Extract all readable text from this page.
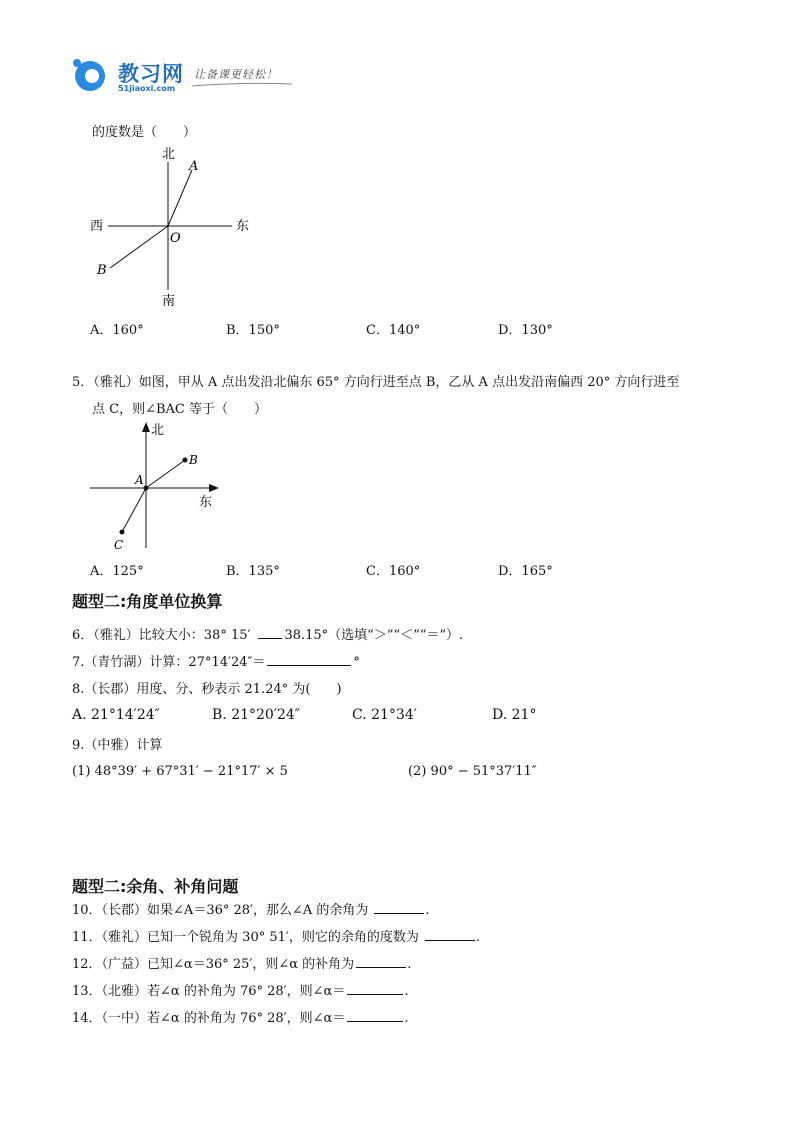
教习网
51jiaoxi.com
让备课更轻松！
的度数是（　　）
北
南
西	东
A
B
O
A．160°	B．150°	C．140°	D．130°
5．（雅礼）如图，甲从 A 点出发沿北偏东 65° 方向行进至点 B，乙从 A 点出发沿南偏西 20° 方向行进至
点 C，则∠BAC 等于（　　）
北
东
A
B
C
A．125°	B．135°	C．160°	D．165°
题型二:角度单位换算
6．（雅礼）比较大小：38° 15′	38.15°（选填“＞”“＜”“＝”）.
7.（青竹湖）计算：27°14′24″＝	°
8.（长郡）用度、分、秒表示 21.24° 为(　　)
A. 21°14′24″	B. 21°20′24″	C. 21°34′	D. 21°
9.（中雅）计算
(1) 48°39′ + 67°31′ − 21°17′ × 5	(2) 90° − 51°37′11″
题型二:余角、补角问题
10．（长郡）如果∠A＝36° 28′，那么∠A 的余角为	.
11．（雅礼）已知一个锐角为 30° 51′，则它的余角的度数为	.
12．（广益）已知∠α＝36° 25′，则∠α 的补角为	.
13．（北雅）若∠α 的补角为 76° 28′，则∠α＝	.
14．（一中）若∠α 的补角为 76° 28′，则∠α＝	.
